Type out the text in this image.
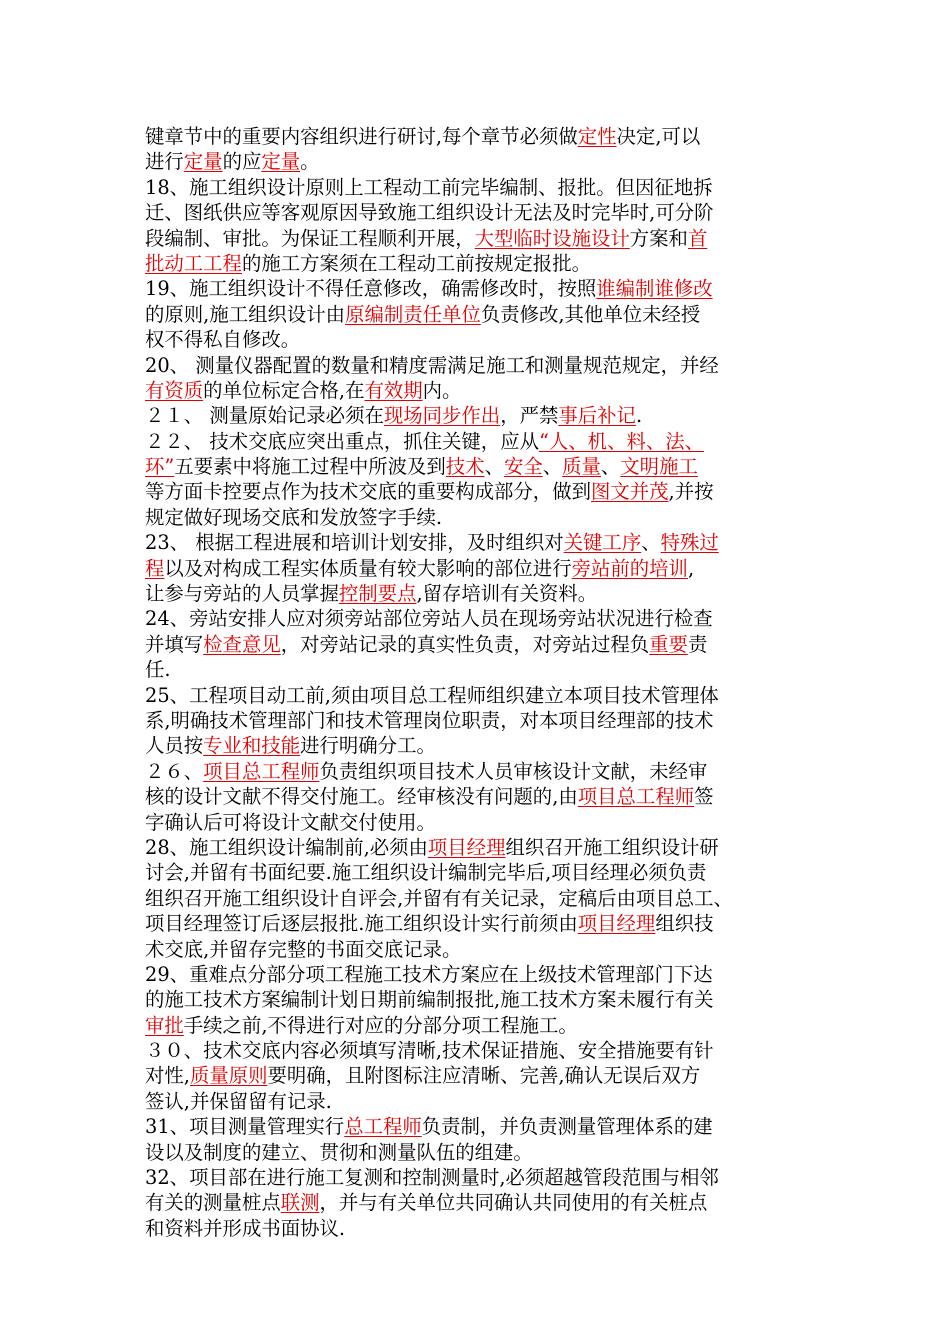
键章节中的重要内容组织进行研讨,每个章节必须做定性决定,可以
进行定量的应定量。
18、施工组织设计原则上工程动工前完毕编制、报批。但因征地拆
迁、图纸供应等客观原因导致施工组织设计无法及时完毕时,可分阶
段编制、审批。为保证工程顺利开展，大型临时设施设计方案和首
批动工工程的施工方案须在工程动工前按规定报批。
19、施工组织设计不得任意修改，确需修改时，按照谁编制谁修改
的原则,施工组织设计由原编制责任单位负责修改,其他单位未经授
权不得私自修改。
20、 测量仪器配置的数量和精度需满足施工和测量规范规定，并经
有资质的单位标定合格,在有效期内。
２１、 测量原始记录必须在现场同步作出，严禁事后补记.
２２、 技术交底应突出重点，抓住关键，应从“人、机、料、法、
环”五要素中将施工过程中所波及到技术、安全、质量、文明施工
等方面卡控要点作为技术交底的重要构成部分，做到图文并茂,并按
规定做好现场交底和发放签字手续.
23、 根据工程进展和培训计划安排，及时组织对关键工序、特殊过
程以及对构成工程实体质量有较大影响的部位进行旁站前的培训,
让参与旁站的人员掌握控制要点,留存培训有关资料。
24、旁站安排人应对须旁站部位旁站人员在现场旁站状况进行检查
并填写检查意见，对旁站记录的真实性负责，对旁站过程负重要责
任.
25、工程项目动工前,须由项目总工程师组织建立本项目技术管理体
系,明确技术管理部门和技术管理岗位职责，对本项目经理部的技术
人员按专业和技能进行明确分工。
２６、项目总工程师负责组织项目技术人员审核设计文献，未经审
核的设计文献不得交付施工。经审核没有问题的,由项目总工程师签
字确认后可将设计文献交付使用。
28、施工组织设计编制前,必须由项目经理组织召开施工组织设计研
讨会,并留有书面纪要.施工组织设计编制完毕后,项目经理必须负责
组织召开施工组织设计自评会,并留有有关记录，定稿后由项目总工、
项目经理签订后逐层报批.施工组织设计实行前须由项目经理组织技
术交底,并留存完整的书面交底记录。
29、重难点分部分项工程施工技术方案应在上级技术管理部门下达
的施工技术方案编制计划日期前编制报批,施工技术方案未履行有关
审批手续之前,不得进行对应的分部分项工程施工。
３０、技术交底内容必须填写清晰,技术保证措施、安全措施要有针
对性,质量原则要明确，且附图标注应清晰、完善,确认无误后双方
签认,并保留留有记录.
31、项目测量管理实行总工程师负责制，并负责测量管理体系的建
设以及制度的建立、贯彻和测量队伍的组建。
32、项目部在进行施工复测和控制测量时,必须超越管段范围与相邻
有关的测量桩点联测，并与有关单位共同确认共同使用的有关桩点
和资料并形成书面协议.
